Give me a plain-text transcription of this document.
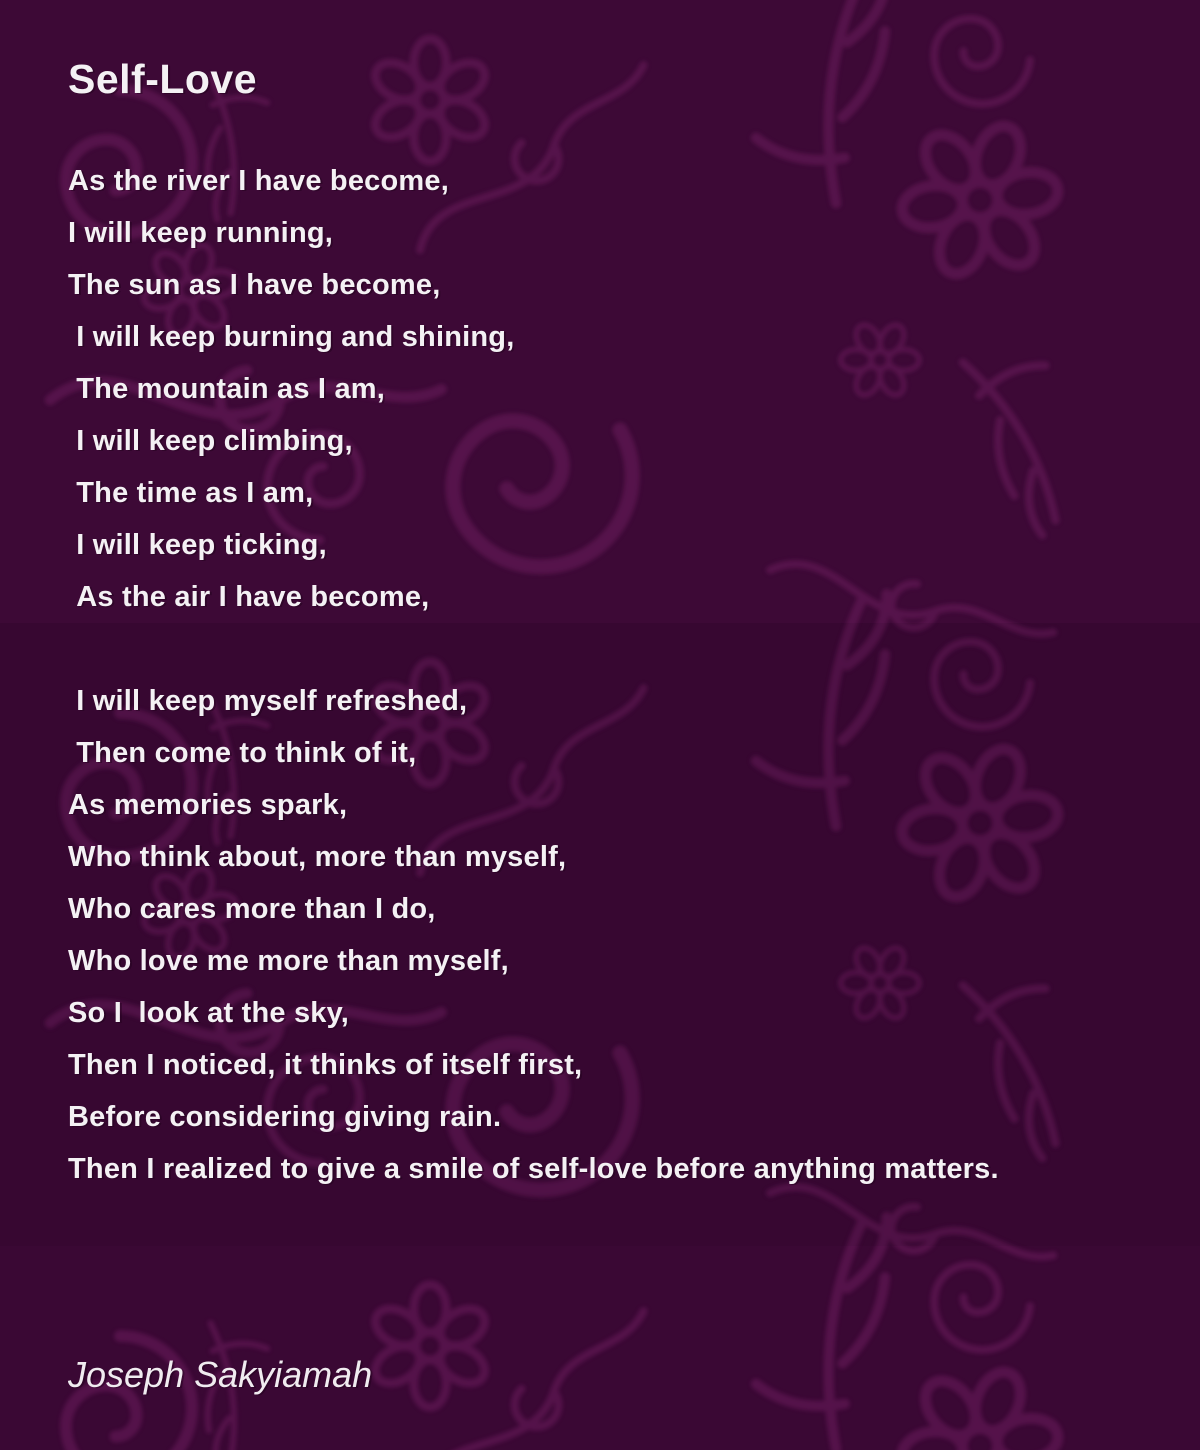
Self-Love
As the river I have become,
I will keep running,
The sun as I have become,
I will keep burning and shining,
The mountain as I am,
I will keep climbing,
The time as I am,
I will keep ticking,
As the air I have become,
I will keep myself refreshed,
Then come to think of it,
As memories spark,
Who think about, more than myself,
Who cares more than I do,
Who love me more than myself,
So I  look at the sky,
Then I noticed, it thinks of itself first,
Before considering giving rain.
Then I realized to give a smile of self-love before anything matters.
Joseph Sakyiamah
